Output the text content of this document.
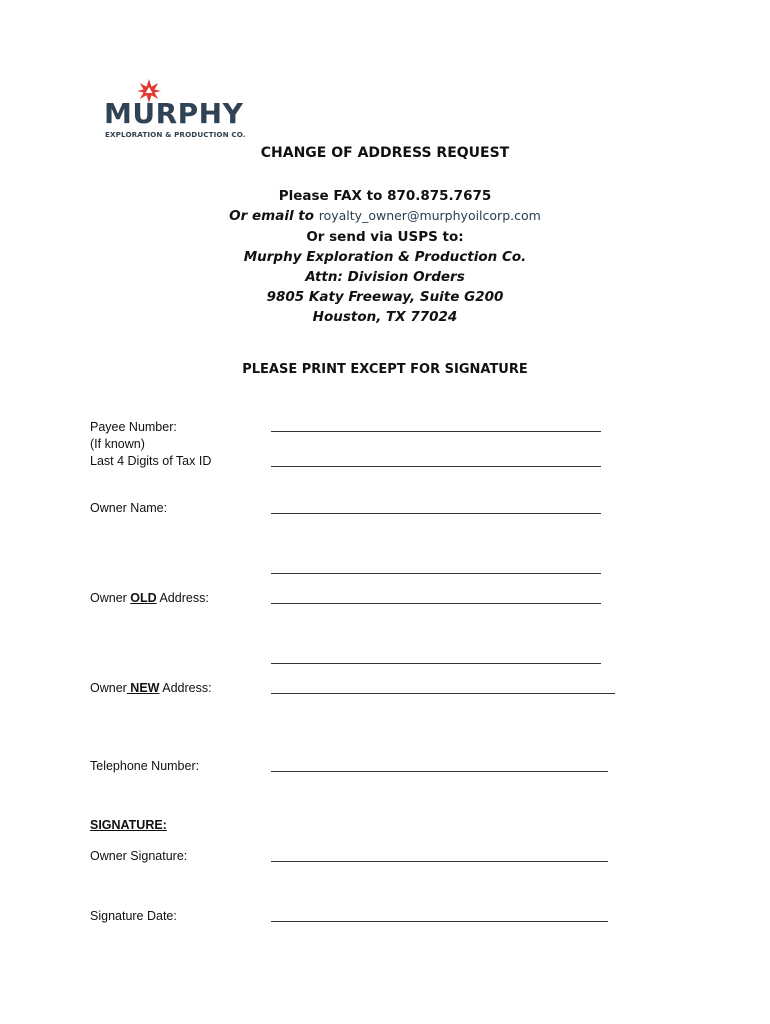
MURPHY
EXPLORATION & PRODUCTION CO.
CHANGE OF ADDRESS REQUEST
Please FAX to 870.875.7675
Or email to royalty_owner@murphyoilcorp.com
Or send via USPS to:
Murphy Exploration & Production Co.
Attn: Division Orders
9805 Katy Freeway, Suite G200
Houston, TX 77024
PLEASE PRINT EXCEPT FOR SIGNATURE
Payee Number:
(If known)
Last 4 Digits of Tax ID
Owner Name:
Owner OLD Address:
Owner NEW Address:
Telephone Number:
SIGNATURE:
Owner Signature:
Signature Date:
